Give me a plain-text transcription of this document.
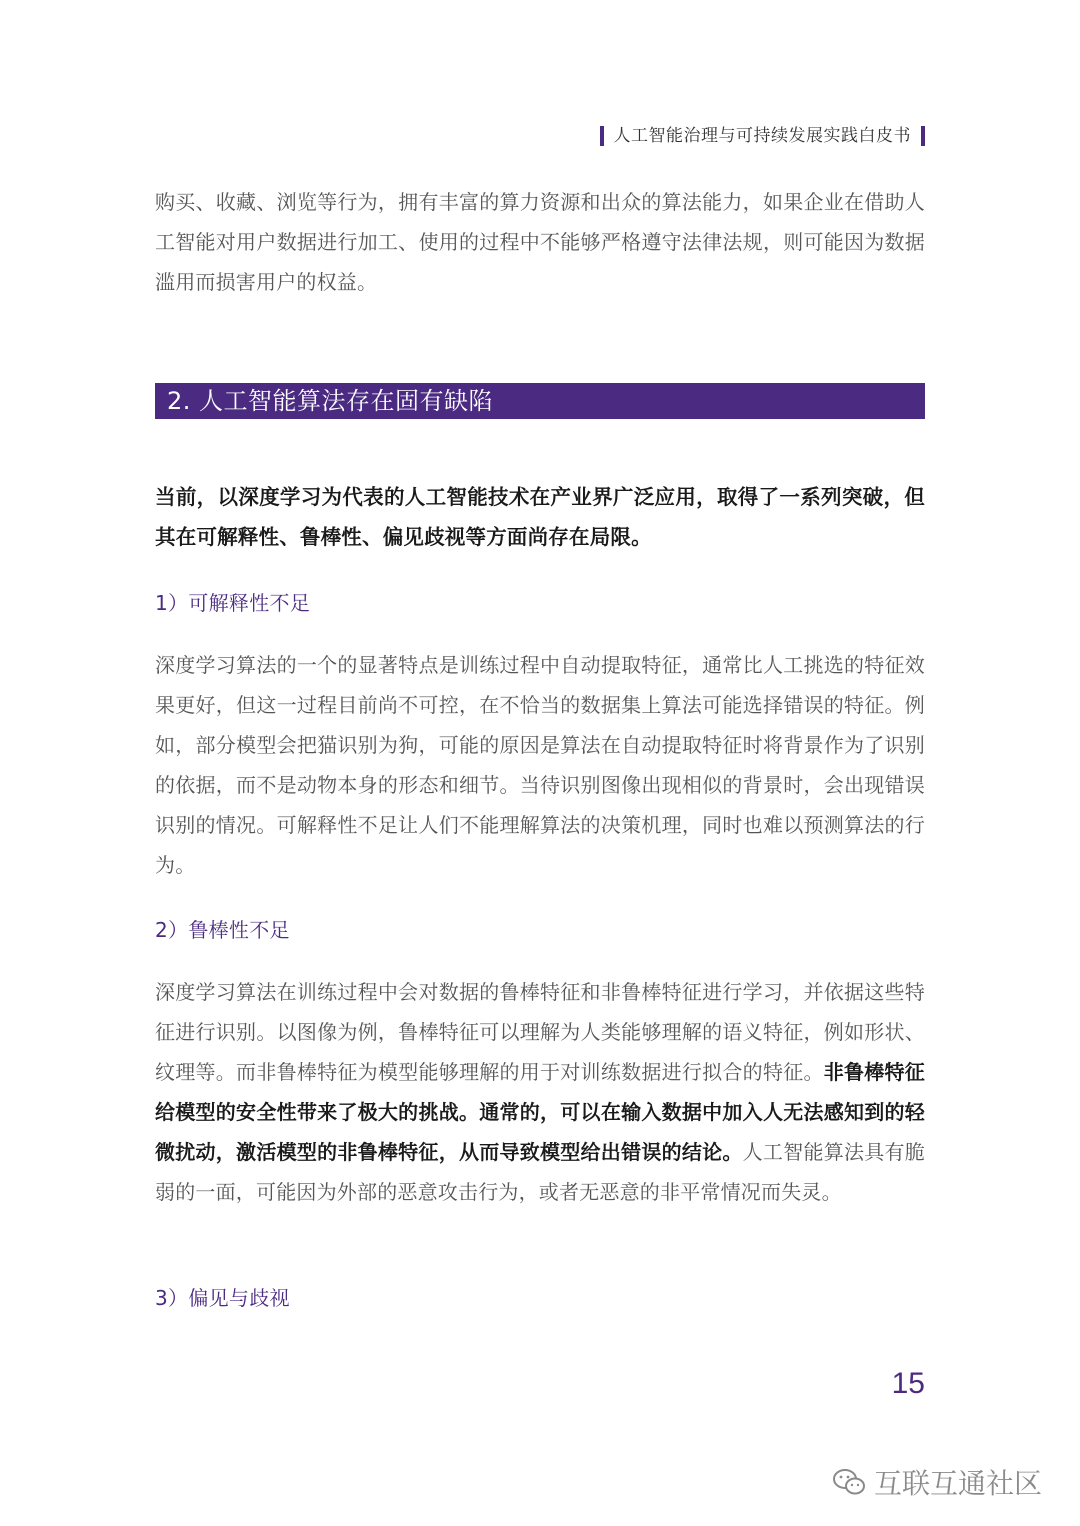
人工智能治理与可持续发展实践白皮书

购买、收藏、浏览等行为，拥有丰富的算力资源和出众的算法能力，如果企业在借助人工智能对用户数据进行加工、使用的过程中不能够严格遵守法律法规，则可能因为数据滥用而损害用户的权益。

2. 人工智能算法存在固有缺陷

当前，以深度学习为代表的人工智能技术在产业界广泛应用，取得了一系列突破，但其在可解释性、鲁棒性、偏见歧视等方面尚存在局限。

1）可解释性不足

深度学习算法的一个的显著特点是训练过程中自动提取特征，通常比人工挑选的特征效果更好，但这一过程目前尚不可控，在不恰当的数据集上算法可能选择错误的特征。例如，部分模型会把猫识别为狗，可能的原因是算法在自动提取特征时将背景作为了识别的依据，而不是动物本身的形态和细节。当待识别图像出现相似的背景时，会出现错误识别的情况。可解释性不足让人们不能理解算法的决策机理，同时也难以预测算法的行为。

2）鲁棒性不足

深度学习算法在训练过程中会对数据的鲁棒特征和非鲁棒特征进行学习，并依据这些特征进行识别。以图像为例，鲁棒特征可以理解为人类能够理解的语义特征，例如形状、纹理等。而非鲁棒特征为模型能够理解的用于对训练数据进行拟合的特征。非鲁棒特征给模型的安全性带来了极大的挑战。通常的，可以在输入数据中加入人无法感知到的轻微扰动，激活模型的非鲁棒特征，从而导致模型给出错误的结论。人工智能算法具有脆弱的一面，可能因为外部的恶意攻击行为，或者无恶意的非平常情况而失灵。

3）偏见与歧视

15
互联互通社区
